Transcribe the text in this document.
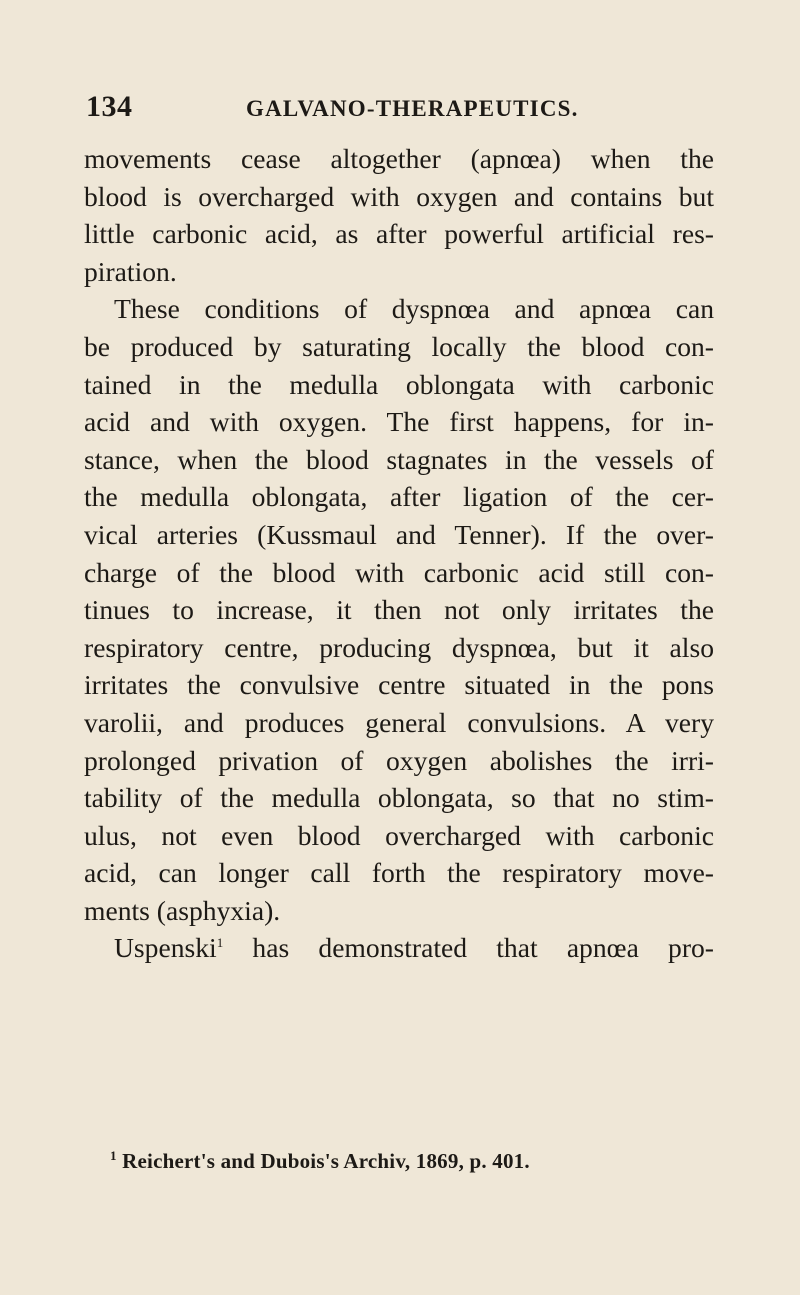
134	GALVANO-THERAPEUTICS.
movements cease altogether (apnœa) when the
blood is overcharged with oxygen and contains but
little carbonic acid, as after powerful artificial res-
piration.
These conditions of dyspnœa and apnœa can
be produced by saturating locally the blood con-
tained in the medulla oblongata with carbonic
acid and with oxygen. The first happens, for in-
stance, when the blood stagnates in the vessels of
the medulla oblongata, after ligation of the cer-
vical arteries (Kussmaul and Tenner). If the over-
charge of the blood with carbonic acid still con-
tinues to increase, it then not only irritates the
respiratory centre, producing dyspnœa, but it also
irritates the convulsive centre situated in the pons
varolii, and produces general convulsions. A very
prolonged privation of oxygen abolishes the irri-
tability of the medulla oblongata, so that no stim-
ulus, not even blood overcharged with carbonic
acid, can longer call forth the respiratory move-
ments (asphyxia).
Uspenski$^1$ has demonstrated that apnœa pro-
$^1$ Reichert's and Dubois's Archiv, 1869, p. 401.
